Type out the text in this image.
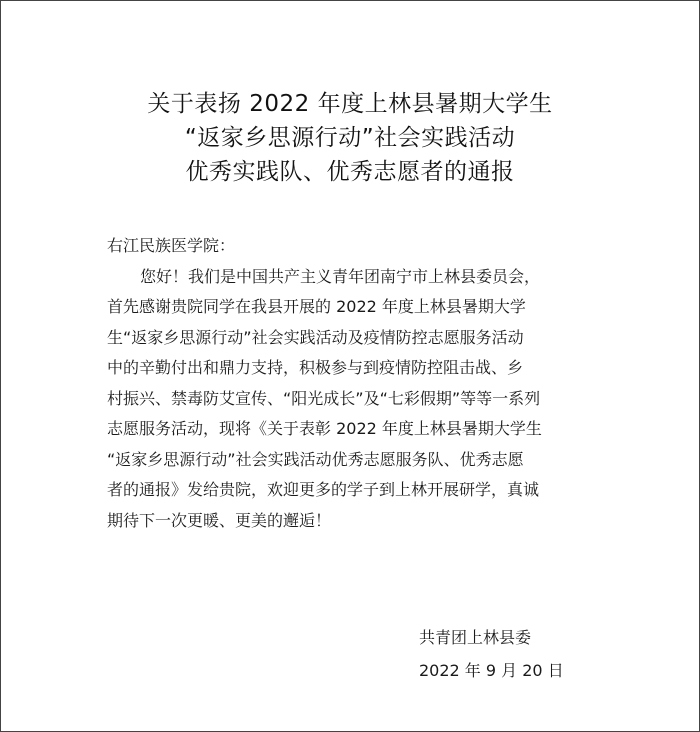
关于表扬 2022 年度上林县暑期大学生
“返家乡思源行动”社会实践活动
优秀实践队、优秀志愿者的通报
右江民族医学院：
您好！我们是中国共产主义青年团南宁市上林县委员会，
首先感谢贵院同学在我县开展的 2022 年度上林县暑期大学
生“返家乡思源行动”社会实践活动及疫情防控志愿服务活动
中的辛勤付出和鼎力支持，积极参与到疫情防控阻击战、乡
村振兴、禁毒防艾宣传、“阳光成长”及“七彩假期”等等一系列
志愿服务活动，现将《关于表彰 2022 年度上林县暑期大学生
“返家乡思源行动”社会实践活动优秀志愿服务队、优秀志愿
者的通报》发给贵院，欢迎更多的学子到上林开展研学，真诚
期待下一次更暖、更美的邂逅！
共青团上林县委
2022 年 9 月 20 日
